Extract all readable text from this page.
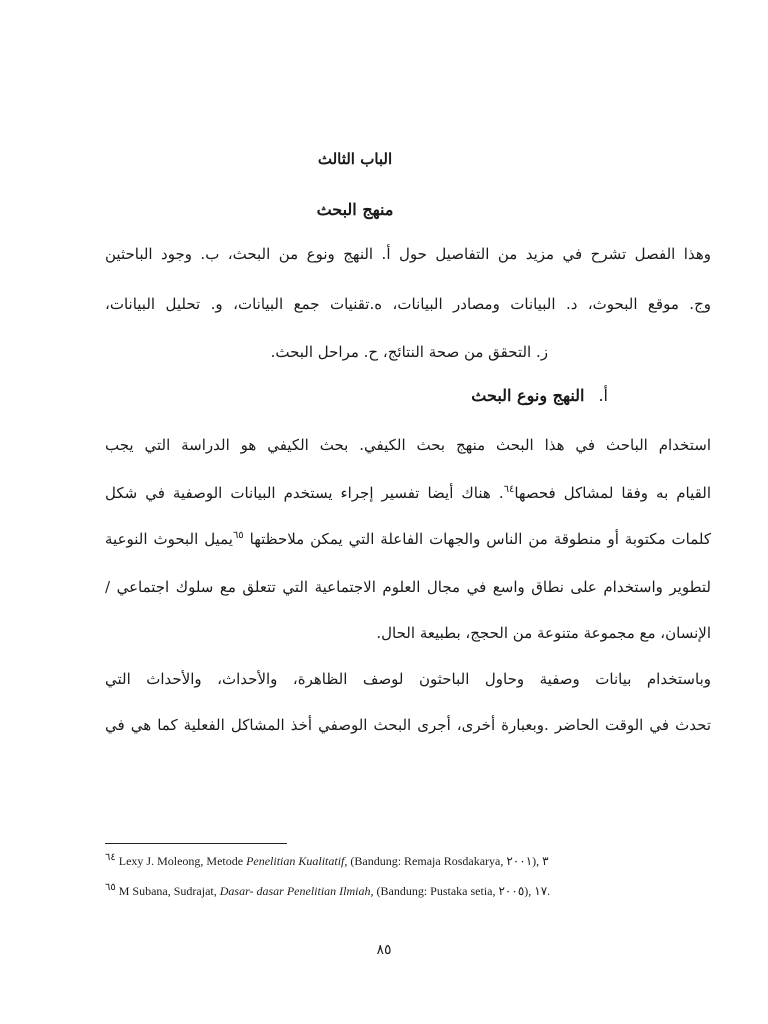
الباب الثالث
منهج البحث
وهذا الفصل تشرح في مزيد من التفاصيل حول أ. النهج ونوع من البحث، ب. وجود الباحثين
وج. موقع البحوث، د. البيانات ومصادر البيانات، ه.تقنيات جمع البيانات، و. تحليل البيانات،
ز. التحقق من صحة النتائج، ح. مراحل البحث.
أ.النهج ونوع البحث
استخدام الباحث في هذا البحث منهج بحث الكيفي. بحث الكيفي هو الدراسة التي يجب
القيام به وفقا لمشاكل فحصها$^{٦٤}$. هناك أيضا تفسير إجراء يستخدم البيانات الوصفية في شكل
كلمات مكتوبة أو منطوقة من الناس والجهات الفاعلة التي يمكن ملاحظتها $^{٦٥}$يميل البحوث النوعية
لتطوير واستخدام على نطاق واسع في مجال العلوم الاجتماعية التي تتعلق مع سلوك اجتماعي /
الإنسان، مع مجموعة متنوعة من الحجج، بطبيعة الحال.
وباستخدام بيانات وصفية وحاول الباحثون لوصف الظاهرة، والأحداث، والأحداث التي
تحدث في الوقت الحاضر .وبعبارة أخرى، أجرى البحث الوصفي أخذ المشاكل الفعلية كما هي في
$^{٦٤}$ Lexy J. Moleong, Metode Penelitian Kualitatif, (Bandung: Remaja Rosdakarya, ٢٠٠١), ٣
$^{٦٥}$ M Subana, Sudrajat, Dasar- dasar Penelitian Ilmiah, (Bandung: Pustaka setia, ٢٠٠٥), ١٧.
٨٥
